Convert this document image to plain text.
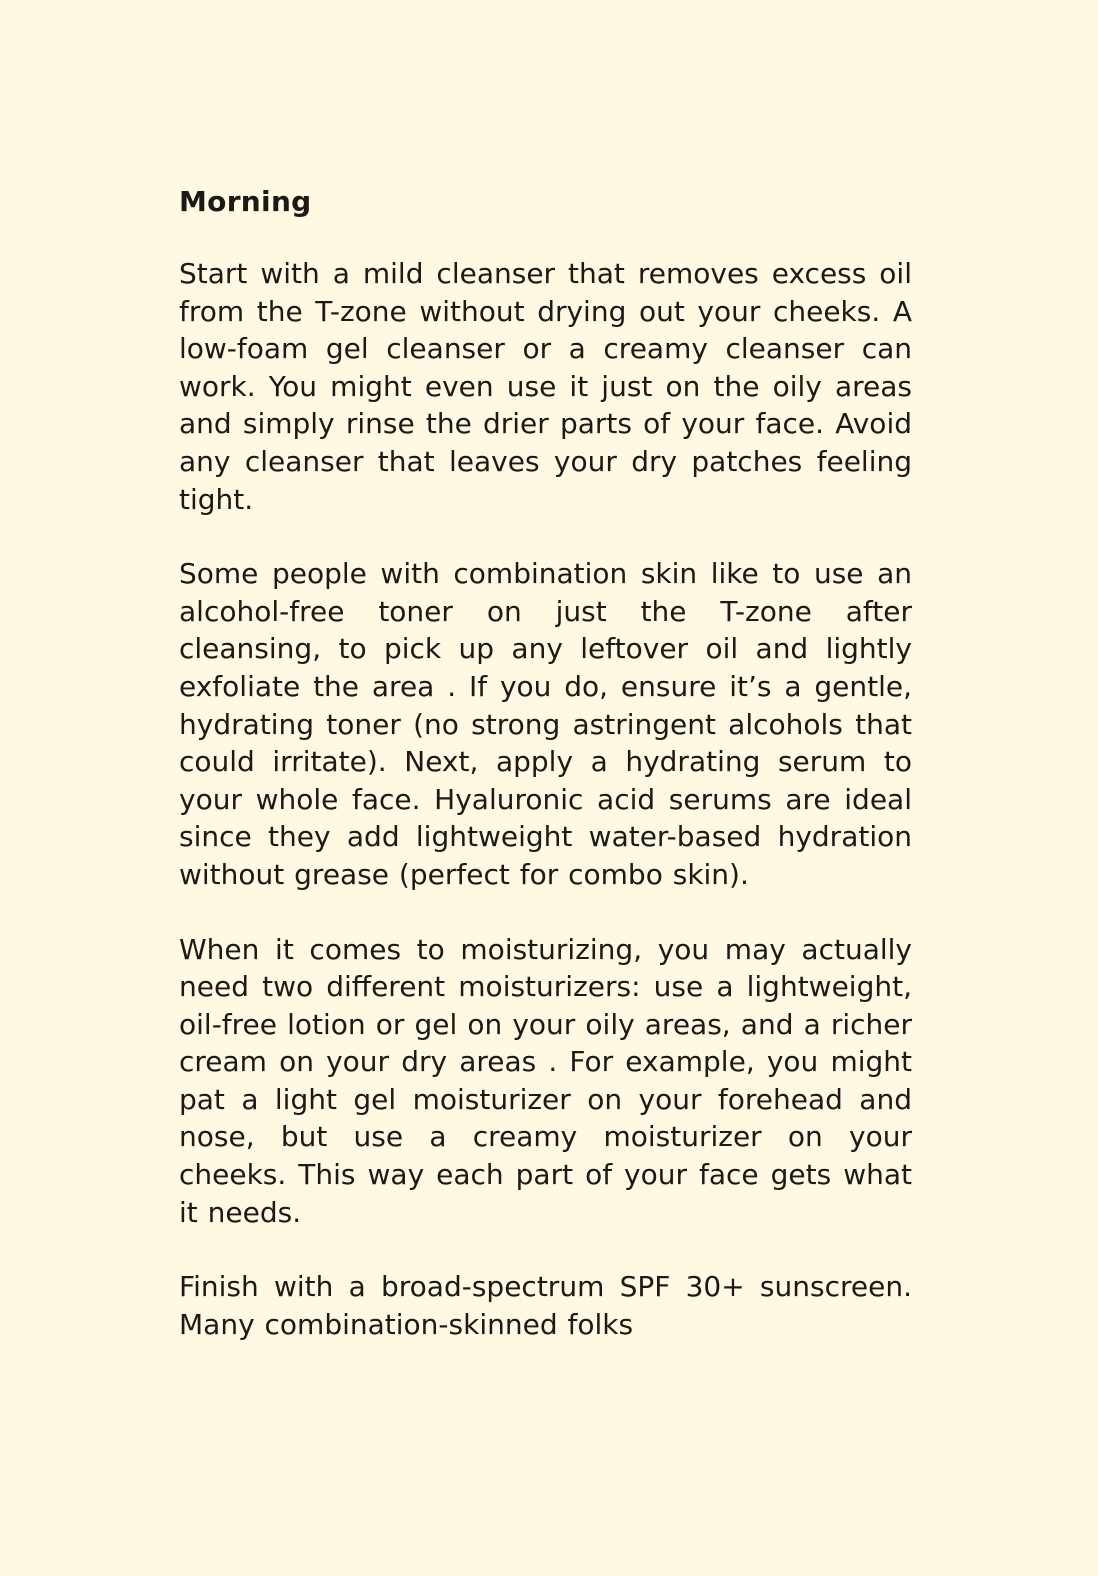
Morning

Start with a mild cleanser that removes excess oil from the T-zone without drying out your cheeks. A low-foam gel cleanser or a creamy cleanser can work. You might even use it just on the oily areas and simply rinse the drier parts of your face. Avoid any cleanser that leaves your dry patches feeling tight.

Some people with combination skin like to use an alcohol-free toner on just the T-zone after cleansing, to pick up any leftover oil and lightly exfoliate the area . If you do, ensure it’s a gentle, hydrating toner (no strong astringent alcohols that could irritate). Next, apply a hydrating serum to your whole face. Hyaluronic acid serums are ideal since they add lightweight water-based hydration without grease (perfect for combo skin).

When it comes to moisturizing, you may actually need two different moisturizers: use a lightweight, oil-free lotion or gel on your oily areas, and a richer cream on your dry areas . For example, you might pat a light gel moisturizer on your forehead and nose, but use a creamy moisturizer on your cheeks. This way each part of your face gets what it needs.

Finish with a broad-spectrum SPF 30+ sunscreen. Many combination-skinned folks
